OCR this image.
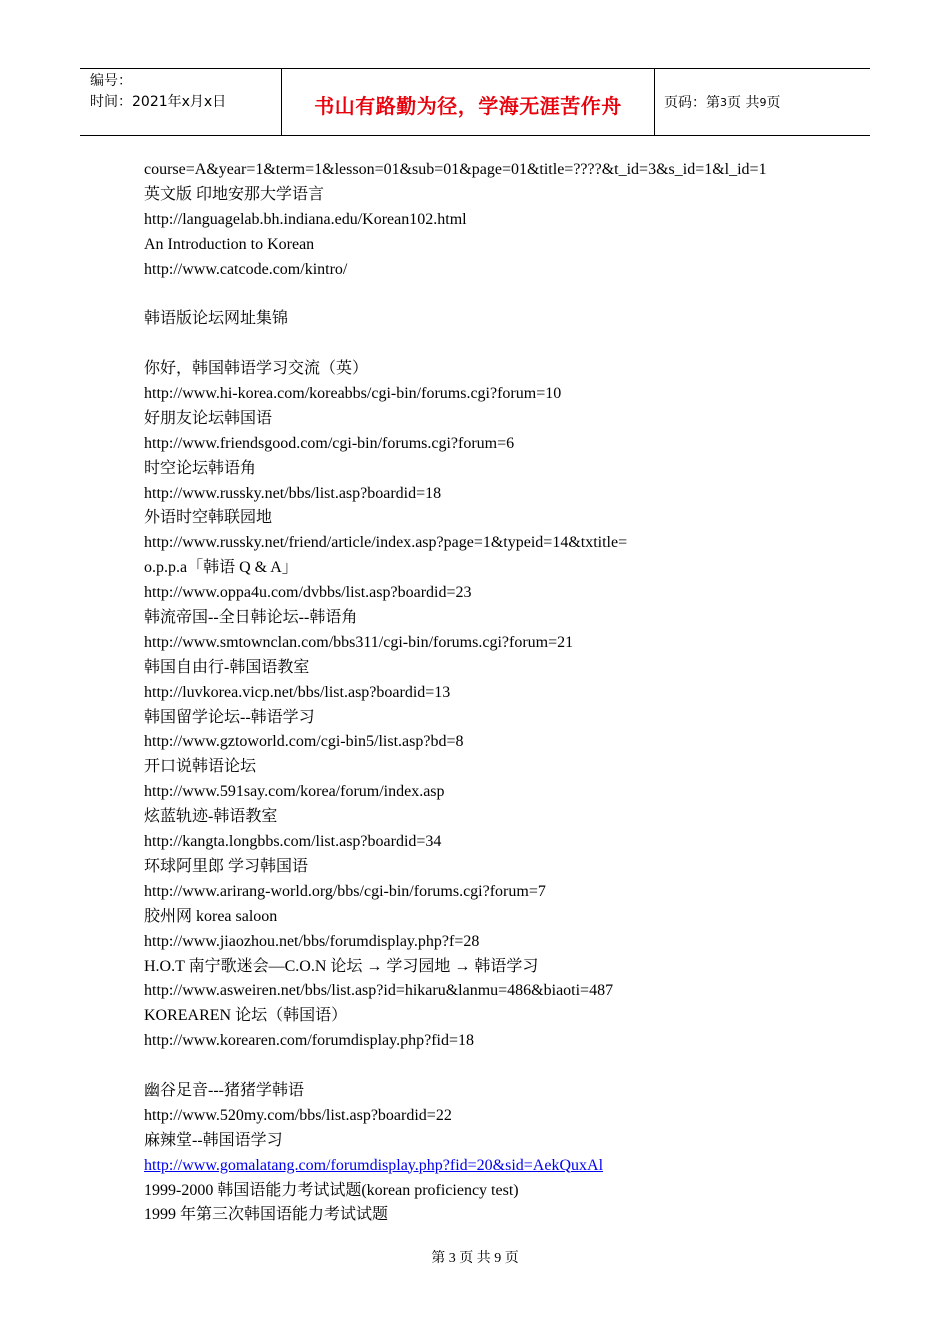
编号：
时间：2021年x月x日	书山有路勤为径，学海无涯苦作舟	页码：第 3 页 共 9 页
course=A&year=1&term=1&lesson=01&sub=01&page=01&title=????&t_id=3&s_id=1&l_id=1
英文版 印地安那大学语言
http://languagelab.bh.indiana.edu/Korean102.html
An Introduction to Korean
http://www.catcode.com/kintro/
韩语版论坛网址集锦
你好，韩国韩语学习交流（英）
http://www.hi-korea.com/koreabbs/cgi-bin/forums.cgi?forum=10
好朋友论坛韩国语
http://www.friendsgood.com/cgi-bin/forums.cgi?forum=6
时空论坛韩语角
http://www.russky.net/bbs/list.asp?boardid=18
外语时空韩联园地
http://www.russky.net/friend/article/index.asp?page=1&typeid=14&txtitle=
o.p.p.a「韩语 Q & A」
http://www.oppa4u.com/dvbbs/list.asp?boardid=23
韩流帝国--全日韩论坛--韩语角
http://www.smtownclan.com/bbs311/cgi-bin/forums.cgi?forum=21
韩国自由行-韩国语教室
http://luvkorea.vicp.net/bbs/list.asp?boardid=13
韩国留学论坛--韩语学习
http://www.gztoworld.com/cgi-bin5/list.asp?bd=8
开口说韩语论坛
http://www.591say.com/korea/forum/index.asp
炫蓝轨迹-韩语教室
http://kangta.longbbs.com/list.asp?boardid=34
环球阿里郎 学习韩国语
http://www.arirang-world.org/bbs/cgi-bin/forums.cgi?forum=7
胶州网 korea saloon
http://www.jiaozhou.net/bbs/forumdisplay.php?f=28
H.O.T 南宁歌迷会—C.O.N 论坛 → 学习园地 → 韩语学习
http://www.asweiren.net/bbs/list.asp?id=hikaru&lanmu=486&biaoti=487
KOREAREN 论坛（韩国语）
http://www.korearen.com/forumdisplay.php?fid=18
幽谷足音---猪猪学韩语
http://www.520my.com/bbs/list.asp?boardid=22
麻辣堂--韩国语学习
http://www.gomalatang.com/forumdisplay.php?fid=20&sid=AekQuxAl
1999-2000 韩国语能力考试试题(korean proficiency test)
1999 年第三次韩国语能力考试试题
第 3 页 共 9 页
